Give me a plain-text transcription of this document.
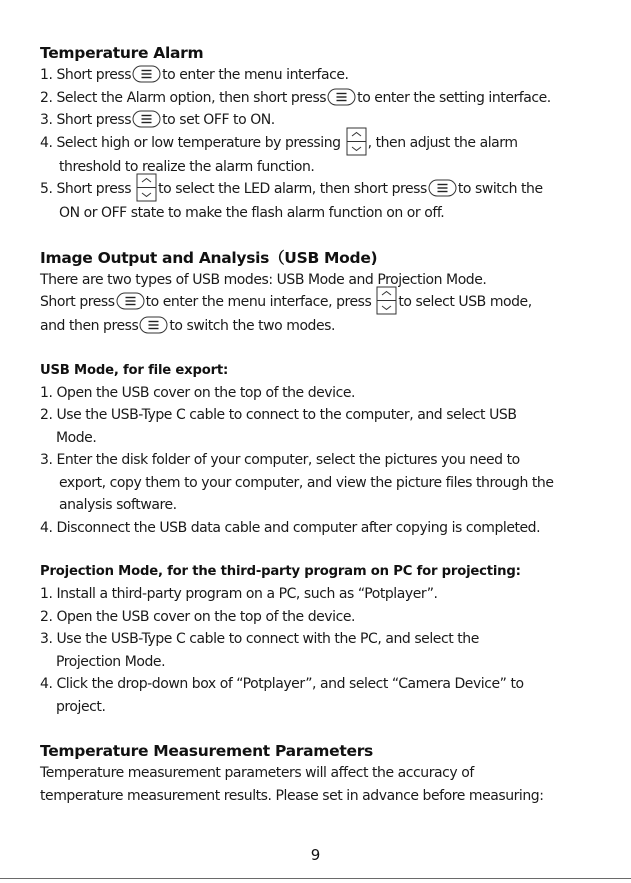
Temperature Alarm
1. Short press to enter the menu interface.
2. Select the Alarm option, then short press to enter the setting interface.
3. Short press to set OFF to ON.
4. Select high or low temperature by pressing , then adjust the alarm
threshold to realize the alarm function.
5. Short press to select the LED alarm, then short press to switch the
ON or OFF state to make the flash alarm function on or off.
Image Output and Analysis（USB Mode)
There are two types of USB modes: USB Mode and Projection Mode.
Short press to enter the menu interface, press to select USB mode,
and then press to switch the two modes.
USB Mode, for file export:
1. Open the USB cover on the top of the device.
2. Use the USB-Type C cable to connect to the computer, and select USB
Mode.
3. Enter the disk folder of your computer, select the pictures you need to
export, copy them to your computer, and view the picture files through the
analysis software.
4. Disconnect the USB data cable and computer after copying is completed.
Projection Mode, for the third-party program on PC for projecting:
1. Install a third-party program on a PC, such as “Potplayer”.
2. Open the USB cover on the top of the device.
3. Use the USB-Type C cable to connect with the PC, and select the
Projection Mode.
4. Click the drop-down box of “Potplayer”, and select “Camera Device” to
project.
Temperature Measurement Parameters
Temperature measurement parameters will affect the accuracy of
temperature measurement results. Please set in advance before measuring:
9
